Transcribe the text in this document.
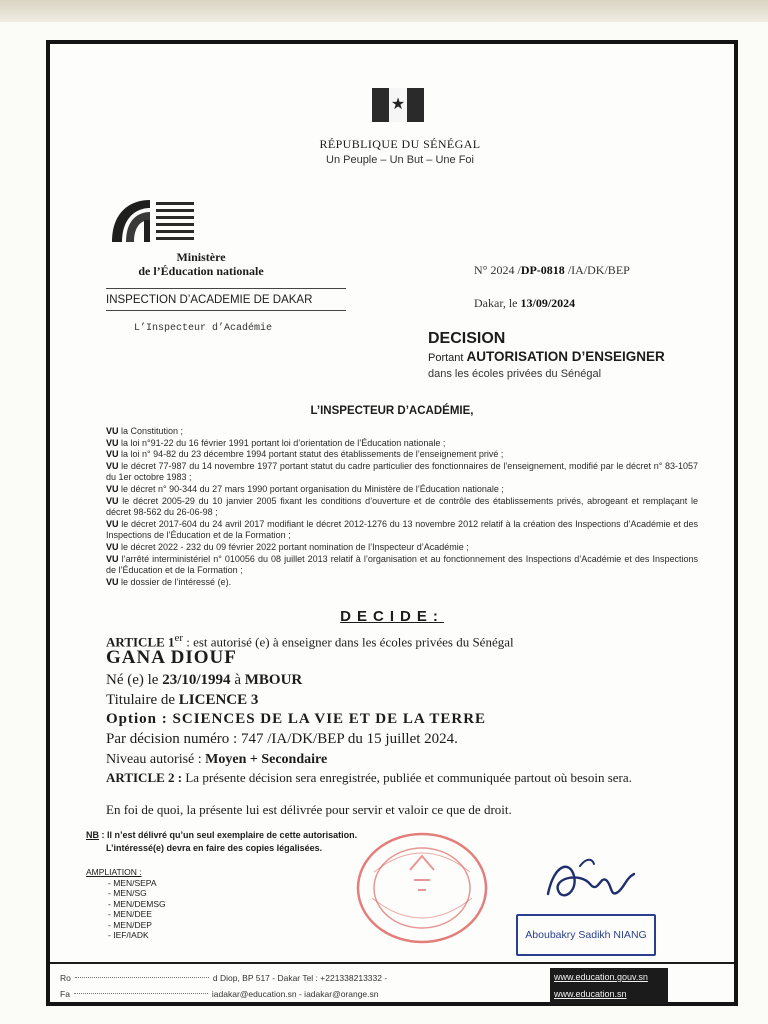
★
RÉPUBLIQUE DU SÉNÉGAL
Un Peuple – Un But – Une Foi
Ministère
de l’Éducation nationale
INSPECTION D’ACADEMIE DE DAKAR
L’Inspecteur d’Académie
N° 2024 /DP-0818 /IA/DK/BEP
Dakar, le 13/09/2024
DECISION
Portant AUTORISATION D’ENSEIGNER
dans les écoles privées du Sénégal
L’INSPECTEUR D’ACADÉMIE,
VU la Constitution ;
VU la loi n°91-22 du 16 février 1991 portant loi d’orientation de l’Éducation nationale ;
VU la loi n° 94-82 du 23 décembre 1994 portant statut des établissements de l’enseignement privé ;
VU le décret 77-987 du 14 novembre 1977 portant statut du cadre particulier des fonctionnaires de l’enseignement, modifié par le décret n° 83-1057 du 1er octobre 1983 ;
VU le décret n° 90-344 du 27 mars 1990 portant organisation du Ministère de l’Éducation nationale ;
VU le décret 2005-29 du 10 janvier 2005 fixant les conditions d’ouverture et de contrôle des établissements privés, abrogeant et remplaçant le décret 98-562 du 26-06-98 ;
VU le décret 2017-604 du 24 avril 2017 modifiant le décret 2012-1276 du 13 novembre 2012 relatif à la création des Inspections d’Académie et des Inspections de l’Éducation et de la Formation ;
VU le décret 2022 - 232 du 09 février 2022 portant nomination de l’Inspecteur d’Académie ;
VU l’arrêté interministériel n° 010056 du 08 juillet 2013 relatif à l’organisation et au fonctionnement des Inspections d’Académie et des Inspections de l’Éducation et de la Formation ;
VU le dossier de l’intéressé (e).
DECIDE:
ARTICLE 1er : est autorisé (e) à enseigner dans les écoles privées du Sénégal
GANA DIOUF
Né (e) le 23/10/1994 à MBOUR
Titulaire de LICENCE 3
Option : SCIENCES DE LA VIE ET DE LA TERRE
Par décision numéro : 747 /IA/DK/BEP du 15 juillet 2024.
Niveau autorisé : Moyen + Secondaire
ARTICLE 2 : La présente décision sera enregistrée, publiée et communiquée partout où besoin sera.
En foi de quoi, la présente lui est délivrée pour servir et valoir ce que de droit.
NB : Il n’est délivré qu’un seul exemplaire de cette autorisation.
L’intéressé(e) devra en faire des copies légalisées.
AMPLIATION :
- MEN/SEPA
- MEN/SG
- MEN/DEMSG
- MEN/DEE
- MEN/DEP
- IEF/IADK	Aboubakry Sadikh NIANG
Ro	d Diop, BP 517 - Dakar Tel : +221338213332 -
Fa	iadakar@education.sn - iadakar@orange.sn
www.education.gouv.sn
www.education.sn
